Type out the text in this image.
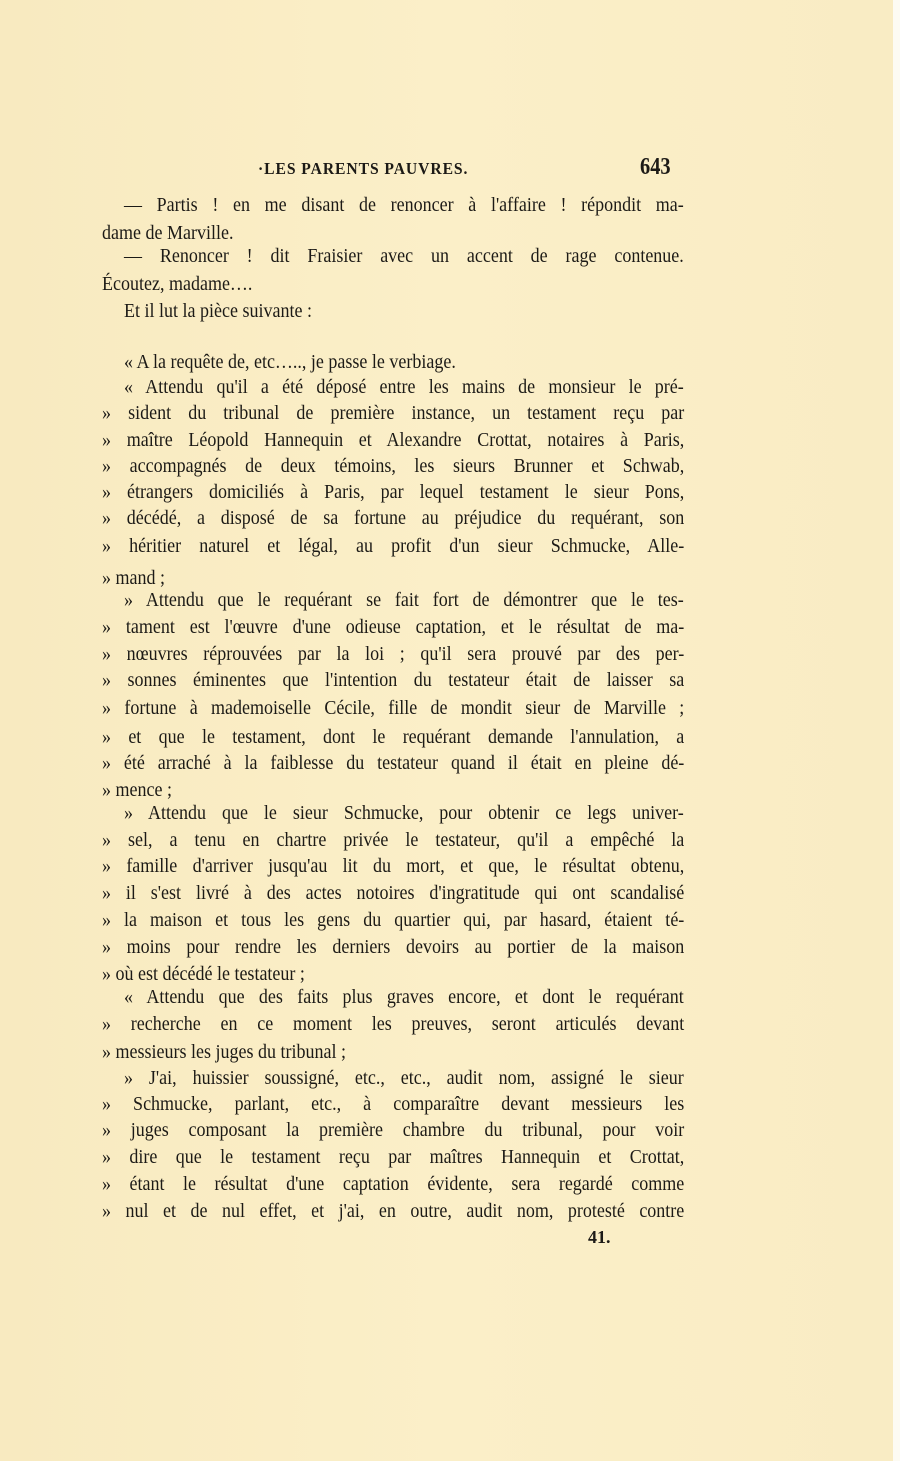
·LES PARENTS PAUVRES.	643
— Partis ! en me disant de renoncer à l'affaire ! répondit ma-
dame de Marville.
— Renoncer ! dit Fraisier avec un accent de rage contenue.
Écoutez, madame….
Et il lut la pièce suivante :
« A la requête de, etc….., je passe le verbiage.
« Attendu qu'il a été déposé entre les mains de monsieur le pré-
» sident du tribunal de première instance, un testament reçu par
» maître Léopold Hannequin et Alexandre Crottat, notaires à Paris,
» accompagnés de deux témoins, les sieurs Brunner et Schwab,
» étrangers domiciliés à Paris, par lequel testament le sieur Pons,
» décédé, a disposé de sa fortune au préjudice du requérant, son
» héritier naturel et légal, au profit d'un sieur Schmucke, Alle-
» mand ;
» Attendu que le requérant se fait fort de démontrer que le tes-
» tament est l'œuvre d'une odieuse captation, et le résultat de ma-
» nœuvres réprouvées par la loi ; qu'il sera prouvé par des per-
» sonnes éminentes que l'intention du testateur était de laisser sa
» fortune à mademoiselle Cécile, fille de mondit sieur de Marville ;
» et que le testament, dont le requérant demande l'annulation, a
» été arraché à la faiblesse du testateur quand il était en pleine dé-
» mence ;
» Attendu que le sieur Schmucke, pour obtenir ce legs univer-
» sel, a tenu en chartre privée le testateur, qu'il a empêché la
» famille d'arriver jusqu'au lit du mort, et que, le résultat obtenu,
» il s'est livré à des actes notoires d'ingratitude qui ont scandalisé
» la maison et tous les gens du quartier qui, par hasard, étaient té-
» moins pour rendre les derniers devoirs au portier de la maison
» où est décédé le testateur ;
« Attendu que des faits plus graves encore, et dont le requérant
» recherche en ce moment les preuves, seront articulés devant
» messieurs les juges du tribunal ;
» J'ai, huissier soussigné, etc., etc., audit nom, assigné le sieur
» Schmucke, parlant, etc., à comparaître devant messieurs les
» juges composant la première chambre du tribunal, pour voir
» dire que le testament reçu par maîtres Hannequin et Crottat,
» étant le résultat d'une captation évidente, sera regardé comme
» nul et de nul effet, et j'ai, en outre, audit nom, protesté contre
41.
